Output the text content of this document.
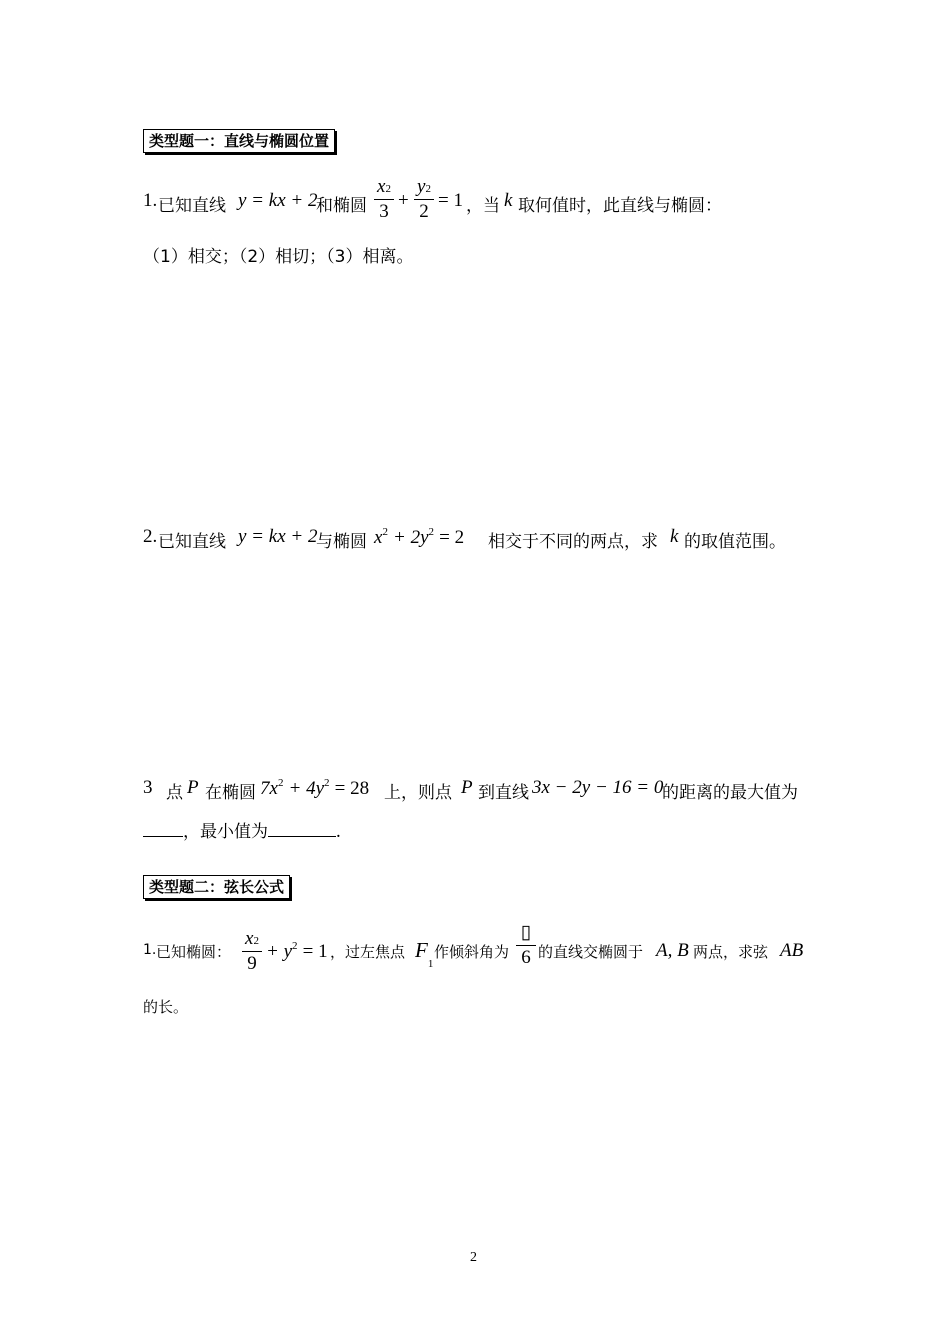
类型题一：直线与椭圆位置
1. 已知直线 y = kx + 2
和椭圆
x2
3
+
y2
2
= 1 ，当 k 取何值时，此直线与椭圆：
（1）相交；（2）相切；（3）相离。
2. 已知直线 y = kx + 2
与椭圆 $x^2 + 2y^2 = 2$ 相交于不同的两点，求 k 的取值范围。
3 点 P 在椭圆 $7x^2 + 4y^2 = 28$ 上，则点 P 到直线 3x − 2y − 16 = 0
的距离的最大值为
，最小值为	.
类型题二：弦长公式
1. 已知椭圆：
x2
9
+ $y^2 = 1$ ，过左焦点 $F_1$
作倾斜角为
▯
6 的直线交椭圆于 A, B 两点，求弦 AB
的长。
2
